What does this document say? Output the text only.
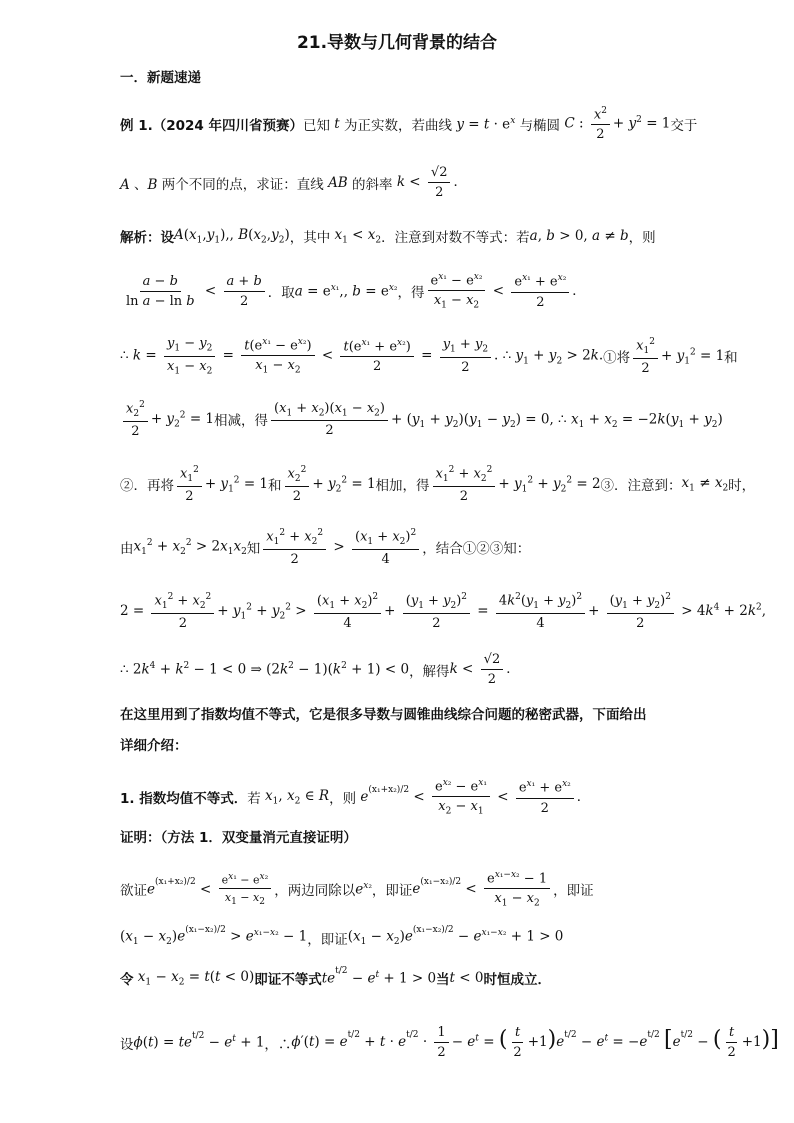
21.导数与几何背景的结合
一．新题速递
例 1. （2024 年四川省预赛） 已知 t 为正实数，若曲线 $y = t \cdot e^x$ 与椭圆 C : $\frac{x^2}{2} + y^2 = 1$ 交于
A 、B 两个不同的点，求证：直线 AB 的斜率 $k < \frac{√2}{2}$ ．
解析：设 $A(x_1,y_1)$,, $B(x_2,y_2)$ ，其中 $x_1 < x_2$ ．注意到对数不等式：若 a, b > 0, a ≠ b ，则
$\frac{a - b}{\text{ln a − ln b}} < \frac{a + b}{2}$ ．取 $a = e^{x_1}$,, $b = e^{x_2}$ ，得 $\frac{e^{x_1} - e^{x_2}}{x_1 - x_2} < \frac{e^{x_1} + e^{x_2}}{2}$ ．
∴ $k = \frac{y_1 - y_2}{x_1 - x_2} = \frac{t(e^{x_1} - e^{x_2})}{x_1 - x_2} < \frac{t(e^{x_1} + e^{x_2})}{2} = \frac{y_1 + y_2}{2}$ . ∴ $y_1 + y_2 > 2k$. ①将 $\frac{x_1^2}{2} + y_1^2 = 1$ 和
$\frac{x_2^2}{2} + y_2^2 = 1$ 相减，得 $\frac{(x_1 + x_2)(x_1 - x_2)}{2} + (y_1 + y_2)(y_1 - y_2) = 0$, ∴ $x_1 + x_2 = -2k(y_1 + y_2)$
②．再将 $\frac{x_1^2}{2} + y_1^2 = 1$ 和 $\frac{x_2^2}{2} + y_2^2 = 1$ 相加，得 $\frac{x_1^2 + x_2^2}{2} + y_1^2 + y_2^2 = 2$ ③．注意到： $x_1 \ne x_2$ 时，
由 $x_1^2 + x_2^2 > 2x_1x_2$ 知 $\frac{x_1^2 + x_2^2}{2} > \frac{(x_1 + x_2)^2}{4}$ ，结合①②③知：
$2 = \frac{x_1^2 + x_2^2}{2} + y_1^2 + y_2^2 > \frac{(x_1 + x_2)^2}{4} + \frac{(y_1 + y_2)^2}{2} = \frac{4k^2(y_1 + y_2)^2}{4} + \frac{(y_1 + y_2)^2}{2} > 4k^4 + 2k^2$,
∴ $2k^4 + k^2 - 1 < 0$ ⇒ $(2k^2 - 1)(k^2 + 1) < 0$ ，解得 $k < \frac{√2}{2}$ ．
在这里用到了指数均值不等式，它是很多导数与圆锥曲线综合问题的秘密武器，下面给出
详细介绍：
1. 指数均值不等式． 若 $x_1$, $x_2$ ∈ R ，则 $e^{(x_1+x_2)/2} < \frac{e^{x_2} - e^{x_1}}{x_2 - x_1} < \frac{e^{x_1} + e^{x_2}}{2}$ ．
证明：（方法 1．双变量消元直接证明）
欲证 $e^{(x_1+x_2)/2} < \frac{e^{x_1} - e^{x_2}}{x_1 - x_2}$ ，两边同除以 $e^{x_2}$ ，即证 $e^{(x_1-x_2)/2} < \frac{e^{x_1-x_2} - 1}{x_1 - x_2}$ ，即证
$(x_1 - x_2)e^{(x_1-x_2)/2} > e^{x_1-x_2} - 1$ ，即证 $(x_1 - x_2)e^{(x_1-x_2)/2} - e^{x_1-x_2} + 1 > 0$
令 $x_1 - x_2 = t(t < 0)$ 即证不等式 $te^{t/2} - e^t + 1 > 0$ 当 t < 0 时恒成立．
设 $\phi(t) = te^{t/2} - e^t + 1$ ，∴ $\phi'(t) = e^{t/2} + t \cdot e^{t/2} \cdot \frac{1}{2} - e^t$ = ( $\frac{t}{2} +1)e^{t/2} - e^t = -e^{t/2}$ [$e^{t/2}$ − ( $\frac{t}{2} +1$)]
